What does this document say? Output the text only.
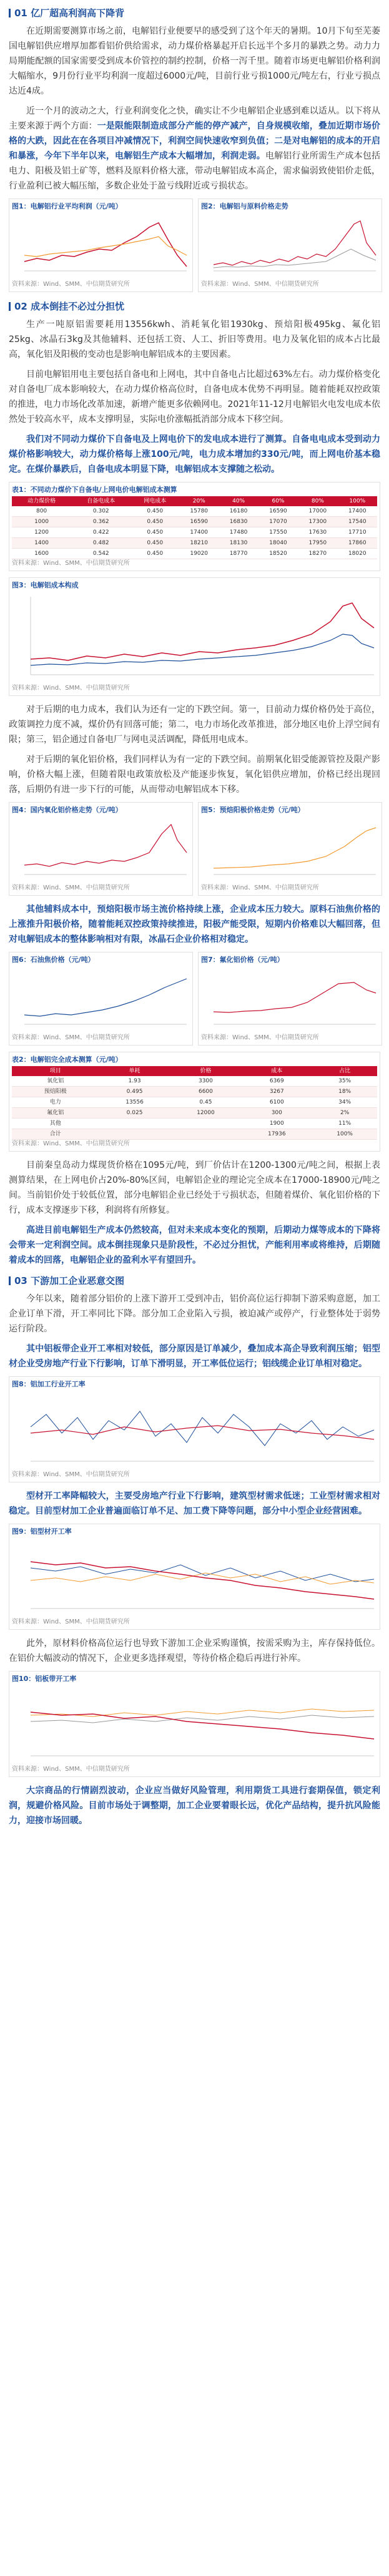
01 亿厂超高利润高下降背

在近期需要测算市场之前，电解铝行业便要早的感受到了这个年天的暑期。10月下旬至芜萎国电解铝供应增厚加都看铝价供给需求，动力煤价格暴起开启长远半个多月的暴跌之势。动力力局期能配额的国家需要受到成本价管控的制约控制，价格一泻千里。随着市场更电解铝价格利润大幅缩水，9月份行业平均利润一度超过6000元/吨，目前行业亏损1000元/吨左右，行业亏损点达近4成。

近一个月的波动之大，行业利润变化之快，确实让不少电解铝企业感到难以适从。以下将从主要来源于两个方面：一是限能限制造成部分产能的停产减产，自身规模收缩，叠加近期市场价格的大跌，因此在在各项目冲减情况下，利润空间快速收窄到负值；二是对电解铝的成本的开启和暴涨，今年下半年以来，电解铝生产成本大幅增加，利润走弱。电解铝行业所需生产成本包括电力、阳极及铝土矿等，燃料及原料价格大涨，带动电解铝成本高企，需求偏弱致使铝价走低，行业盈利已被大幅压缩，多数企业处于盈亏线附近或亏损状态。

图1：电解铝行业平均利润（元/吨）
资料来源：Wind、SMM、中信期货研究所
图2：电解铝与原料价格走势
资料来源：Wind、SMM、中信期货研究所
02 成本倒挂不必过分担忧

生产一吨原铝需要耗用13556kwh、消耗氧化铝1930kg、预焙阳极495kg、氟化铝25kg、冰晶石3kg及其他辅料、还包括工资、人工、折旧等费用。电力及氧化铝的成本占比最高，氧化铝及阳极的变动也是影响电解铝成本的主要因素。

目前电解铝用电主要包括自备电和上网电，其中自备电占比超过63%左右。动力煤价格变化对自备电厂成本影响较大，在动力煤价格高位时，自备电成本优势不再明显。随着能耗双控政策的推进，电力市场化改革加速，新增产能更多依赖网电。2021年11-12月电解铝火电发电成本依然处于较高水平，成本支撑明显，实际电价涨幅抵消部分成本下移空间。

我们对不同动力煤价下自备电及上网电价下的发电成本进行了测算。自备电电成本受到动力煤价格影响较大，动力煤价格每上涨100元/吨，电力成本增加约330元/吨，而上网电价基本稳定。在煤价暴跌后，自备电成本明显下降，电解铝成本支撑随之松动。

表1：不同动力煤价下自备电/上网电价电解铝成本测算
动力煤价格	自备电成本	网电成本	20%	40%	60%	80%	100%
800	0.302	0.450	15780	16180	16590	17000	17400
1000	0.362	0.450	16590	16830	17070	17300	17540
1200	0.422	0.450	17400	17480	17550	17630	17710
1400	0.482	0.450	18210	18130	18040	17950	17860
1600	0.542	0.450	19020	18770	18520	18270	18020
资料来源：Wind、SMM、中信期货研究所
图3：电解铝成本构成
资料来源：Wind、SMM、中信期货研究所

对于后期的电力成本，我们认为还有一定的下跌空间。第一，目前动力煤价格仍处于高位，政策调控力度不减，煤价仍有回落可能；第二，电力市场化改革推进，部分地区电价上浮空间有限；第三，铝企通过自备电厂与网电灵活调配，降低用电成本。

对于后期的氧化铝价格，我们同样认为有一定的下跌空间。前期氧化铝受能源管控及限产影响，价格大幅上涨，但随着限电政策放松及产能逐步恢复，氧化铝供应增加，价格已经出现回落，后期仍有进一步下行的可能，从而带动电解铝成本下移。

图4：国内氧化铝价格走势（元/吨）
资料来源：Wind、SMM、中信期货研究所
图5：预焙阳极价格走势（元/吨）
资料来源：Wind、SMM、中信期货研究所

其他辅料成本中，预焙阳极市场主流价格持续上涨，企业成本压力较大。原料石油焦价格的上涨推升阳极价格，随着能耗双控政策持续推进，阳极产能受限，短期内价格难以大幅回落，但对电解铝成本的整体影响相对有限，冰晶石企业价格相对稳定。

图6：石油焦价格（元/吨）
资料来源：Wind、SMM、中信期货研究所
图7：氟化铝价格（元/吨）
资料来源：Wind、SMM、中信期货研究所
表2：电解铝完全成本测算（元/吨）
项目	单耗	价格	成本	占比
氧化铝	1.93	3300	6369	35%
预焙阳极	0.495	6600	3267	18%
电力	13556	0.45	6100	34%
氟化铝	0.025	12000	300	2%
其他			1900	11%
合计			17936	100%
资料来源：Wind、SMM、中信期货研究所

目前秦皇岛动力煤现货价格在1095元/吨，到厂价估计在1200-1300元/吨之间，根据上表测算结果，在上网电价占20%-80%区间，电解铝企业的理论完全成本在17000-18900元/吨之间。当前铝价处于较低位置，部分电解铝企业已经处于亏损状态，但随着煤价、氧化铝价格的下行，成本支撑逐步下移，利润将有所修复。

高进目前电解铝生产成本仍然较高，但对未来成本变化的预期，后期动力煤等成本的下降将会带来一定利润空间。成本倒挂现象只是阶段性，不必过分担忧，产能利用率或将维持，后期随着成本的回落，电解铝企业的盈利水平有望回升。

03 下游加工企业恶意交图

今年以来，随着部分铝价的上涨下游开工受到冲击，铝价高位运行抑制下游采购意愿，加工企业订单下滑，开工率同比下降。部分加工企业陷入亏损，被迫减产或停产，行业整体处于弱势运行阶段。

其中铝板带企业开工率相对较低，部分原因是订单减少，叠加成本高企导致利润压缩；铝型材企业受房地产行业下行影响，订单下滑明显，开工率低位运行；铝线缆企业订单相对稳定。

图8：铝加工行业开工率
资料来源：Wind、SMM、中信期货研究所

型材开工率降幅较大，主要受房地产行业下行影响，建筑型材需求低迷；工业型材需求相对稳定。目前型材加工企业普遍面临订单不足、加工费下降等问题，部分中小型企业经营困难。

图9：铝型材开工率
资料来源：Wind、SMM、中信期货研究所

此外，原材料价格高位运行也导致下游加工企业采购谨慎，按需采购为主，库存保持低位。在铝价大幅波动的情况下，企业更多选择观望，等待价格企稳后再进行补库。

图10：铝板带开工率
资料来源：Wind、SMM、中信期货研究所

大宗商品的行情剧烈波动，企业应当做好风险管理，利用期货工具进行套期保值，锁定利润，规避价格风险。目前市场处于调整期，加工企业要着眼长远，优化产品结构，提升抗风险能力，迎接市场回暖。
